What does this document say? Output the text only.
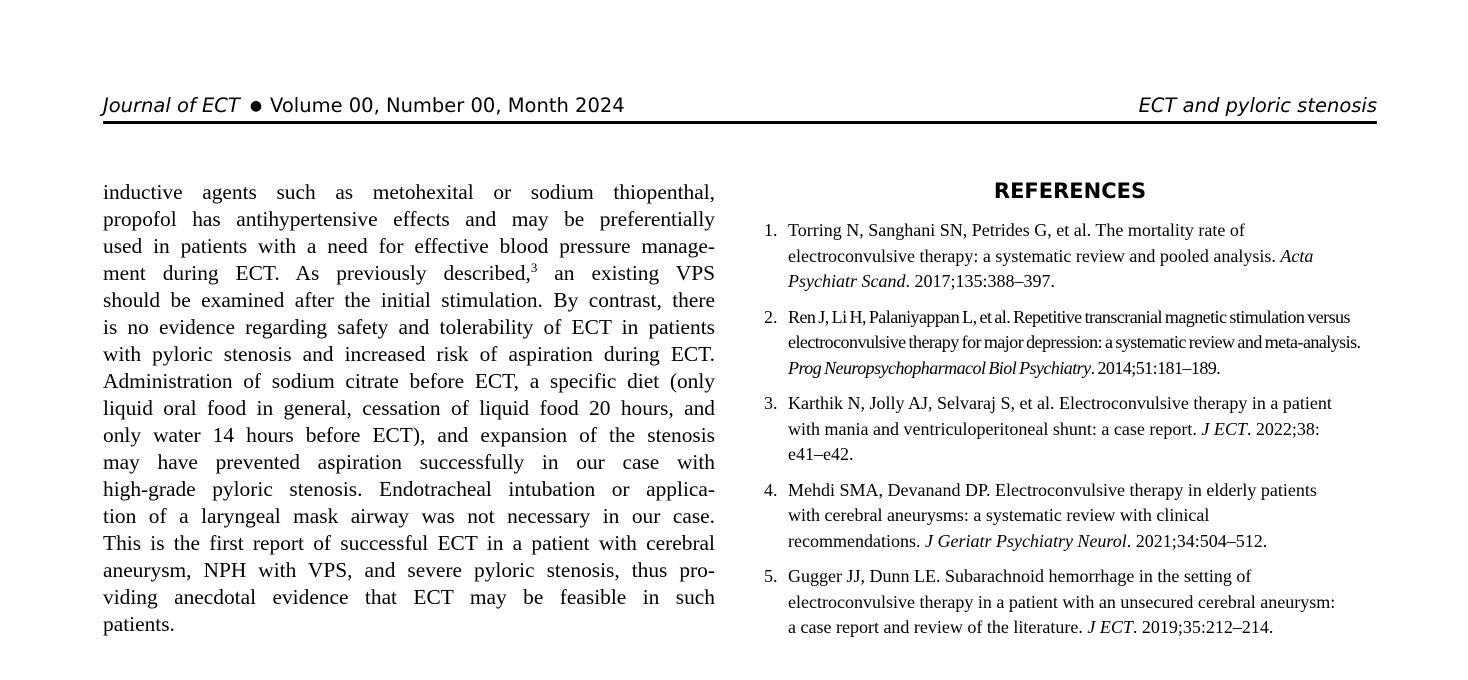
Journal of ECT ● Volume 00, Number 00, Month 2024	ECT and pyloric stenosis
inductive agents such as metohexital or sodium thiopenthal,
propofol has antihypertensive effects and may be preferentially
used in patients with a need for effective blood pressure manage-
ment during ECT. As previously described,$^3$ an existing VPS
should be examined after the initial stimulation. By contrast, there
is no evidence regarding safety and tolerability of ECT in patients
with pyloric stenosis and increased risk of aspiration during ECT.
Administration of sodium citrate before ECT, a specific diet (only
liquid oral food in general, cessation of liquid food 20 hours, and
only water 14 hours before ECT), and expansion of the stenosis
may have prevented aspiration successfully in our case with
high-grade pyloric stenosis. Endotracheal intubation or applica-
tion of a laryngeal mask airway was not necessary in our case.
This is the first report of successful ECT in a patient with cerebral
aneurysm, NPH with VPS, and severe pyloric stenosis, thus pro-
viding anecdotal evidence that ECT may be feasible in such
patients.
REFERENCES
1. Torring N, Sanghani SN, Petrides G, et al. The mortality rate of
electroconvulsive therapy: a systematic review and pooled analysis. Acta
Psychiatr Scand. 2017;135:388–397.
2. Ren J, Li H, Palaniyappan L, et al. Repetitive transcranial magnetic stimulation versus
electroconvulsive therapy for major depression: a systematic review and meta-analysis.
Prog Neuropsychopharmacol Biol Psychiatry. 2014;51:181–189.
3. Karthik N, Jolly AJ, Selvaraj S, et al. Electroconvulsive therapy in a patient
with mania and ventriculoperitoneal shunt: a case report. J ECT. 2022;38:
e41–e42.
4. Mehdi SMA, Devanand DP. Electroconvulsive therapy in elderly patients
with cerebral aneurysms: a systematic review with clinical
recommendations. J Geriatr Psychiatry Neurol. 2021;34:504–512.
5. Gugger JJ, Dunn LE. Subarachnoid hemorrhage in the setting of
electroconvulsive therapy in a patient with an unsecured cerebral aneurysm:
a case report and review of the literature. J ECT. 2019;35:212–214.
